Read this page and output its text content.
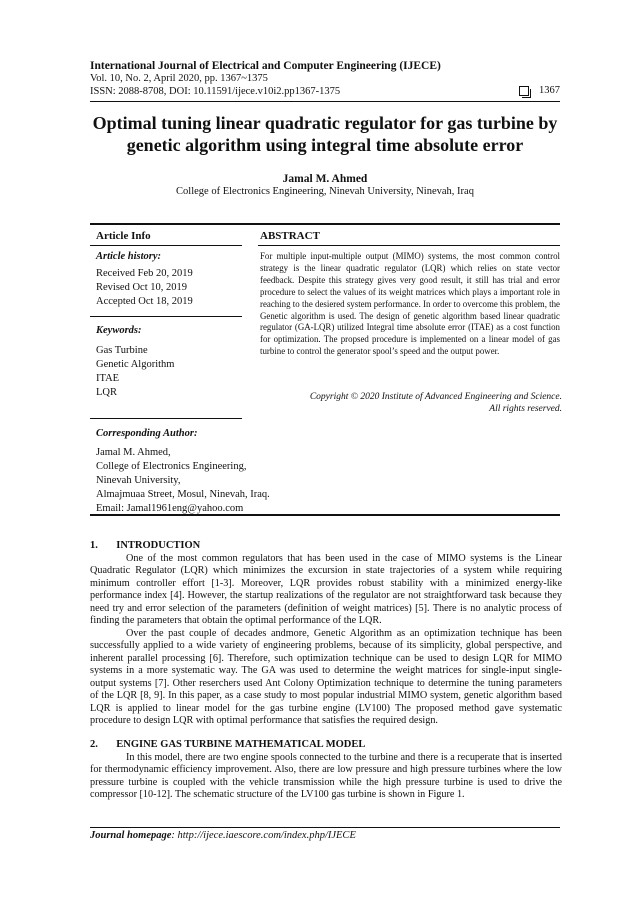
International Journal of Electrical and Computer Engineering (IJECE)
Vol. 10, No. 2, April 2020, pp. 1367~1375
ISSN: 2088-8708, DOI: 10.11591/ijece.v10i2.pp1367-1375	1367
Optimal tuning linear quadratic regulator for gas turbine by genetic algorithm using integral time absolute error
Jamal M. Ahmed
College of Electronics Engineering, Ninevah University, Ninevah, Iraq
Article Info	ABSTRACT
Article history:
Received Feb 20, 2019
Revised Oct 10, 2019
Accepted Oct 18, 2019
Keywords:
Gas Turbine
Genetic Algorithm
ITAE
LQR
For multiple input-multiple output (MIMO) systems, the most common control strategy is the linear quadratic regulator (LQR) which relies on state vector feedback. Despite this strategy gives very good result, it still has trial and error procedure to select the values of its weight matrices which plays a important role in reaching to the desiered system performance. In order to overcome this problem, the Genetic algorithm is used. The design of genetic algorithm based linear quadratic regulator (GA-LQR) utilized Integral time absolute error (ITAE) as a cost function for optimization. The propsed procedure is implemented on a linear model of gas turbine to control the generator spool’s speed and the output power.
Copyright © 2020 Institute of Advanced Engineering and Science.
All rights reserved.
Corresponding Author:
Jamal M. Ahmed,
College of Electronics Engineering,
Ninevah University,
Almajmuaa Street, Mosul, Ninevah, Iraq.
Email: Jamal1961eng@yahoo.com
1.       INTRODUCTION

One of the most common regulators that has been used in the case of MIMO systems is the Linear Quadratic Regulator (LQR) which minimizes the excursion in state trajectories of a system while requiring minimum controller effort [1-3]. Moreover, LQR provides robust stability with a minimized energy-like performance index [4]. However, the startup realizations of the regulator are not straightforward task because they need try and error selection of the parameters (definition of weight matrices) [5]. There is no analytic process of finding the parameters that obtain the optimal performance of the LQR.

Over the past couple of decades andmore, Genetic Algorithm as an optimization technique has been successfully applied to a wide variety of engineering problems, because of its simplicity, global perspective, and inherent parallel processing [6]. Therefore, such optimization technique can be used to design LQR for MIMO systems in a more systematic way. The GA was used to determine the weight matrices for single-input single-output systems [7]. Other reserchers used Ant Colony Optimization technique to determine the tuning parameters of the LQR [8, 9]. In this paper, as a case study to most popular industrial MIMO system, genetic algorithm based LQR is applied to linear model for the gas turbine engine (LV100) The proposed method gave systematic procedure to design LQR with optimal performance that satisfies the required design.

2.       ENGINE GAS TURBINE MATHEMATICAL MODEL

In this model, there are two engine spools connected to the turbine and there is a recuperate that is inserted for thermodynamic efficiency improvement. Also, there are low pressure and high pressure turbines where the low pressure turbine is coupled with the vehicle transmission while the high pressure turbine is used to drive the compressor [10-12]. The schematic structure of the LV100 gas turbine is shown in Figure 1.

Journal homepage: http://ijece.iaescore.com/index.php/IJECE
